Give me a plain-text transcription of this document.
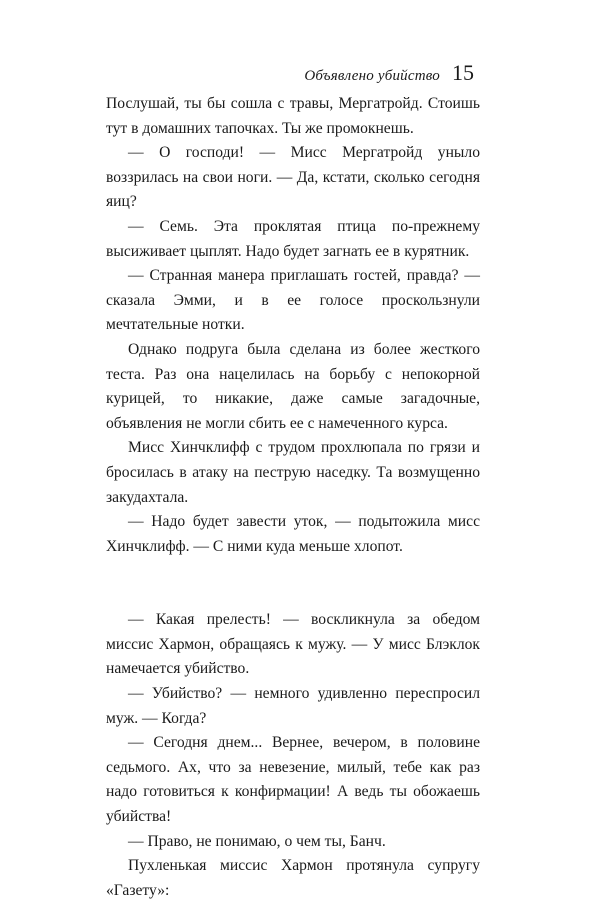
Объявлено убийство 15

Послушай, ты бы сошла с травы, Мергатройд. Стоишь тут в домашних тапочках. Ты же промокнешь.

— О господи! — Мисс Мергатройд уныло воззрилась на свои ноги. — Да, кстати, сколько сегодня яиц?

— Семь. Эта проклятая птица по-прежнему высиживает цыплят. Надо будет загнать ее в курятник.

— Странная манера приглашать гостей, правда? — сказала Эмми, и в ее голосе проскользнули мечтательные нотки.

Однако подруга была сделана из более жесткого теста. Раз она нацелилась на борьбу с непокорной курицей, то никакие, даже самые загадочные, объявления не могли сбить ее с намеченного курса.

Мисс Хинчклифф с трудом прохлюпала по грязи и бросилась в атаку на пеструю наседку. Та возмущенно закудахтала.

— Надо будет завести уток, — подытожила мисс Хинчклифф. — С ними куда меньше хлопот.

— Какая прелесть! — воскликнула за обедом миссис Хармон, обращаясь к мужу. — У мисс Блэклок намечается убийство.

— Убийство? — немного удивленно переспросил муж. — Когда?

— Сегодня днем... Вернее, вечером, в половине седьмого. Ах, что за невезение, милый, тебе как раз надо готовиться к конфирмации! А ведь ты обожаешь убийства!

— Право, не понимаю, о чем ты, Банч.

Пухленькая миссис Хармон протянула супругу «Газету»:
